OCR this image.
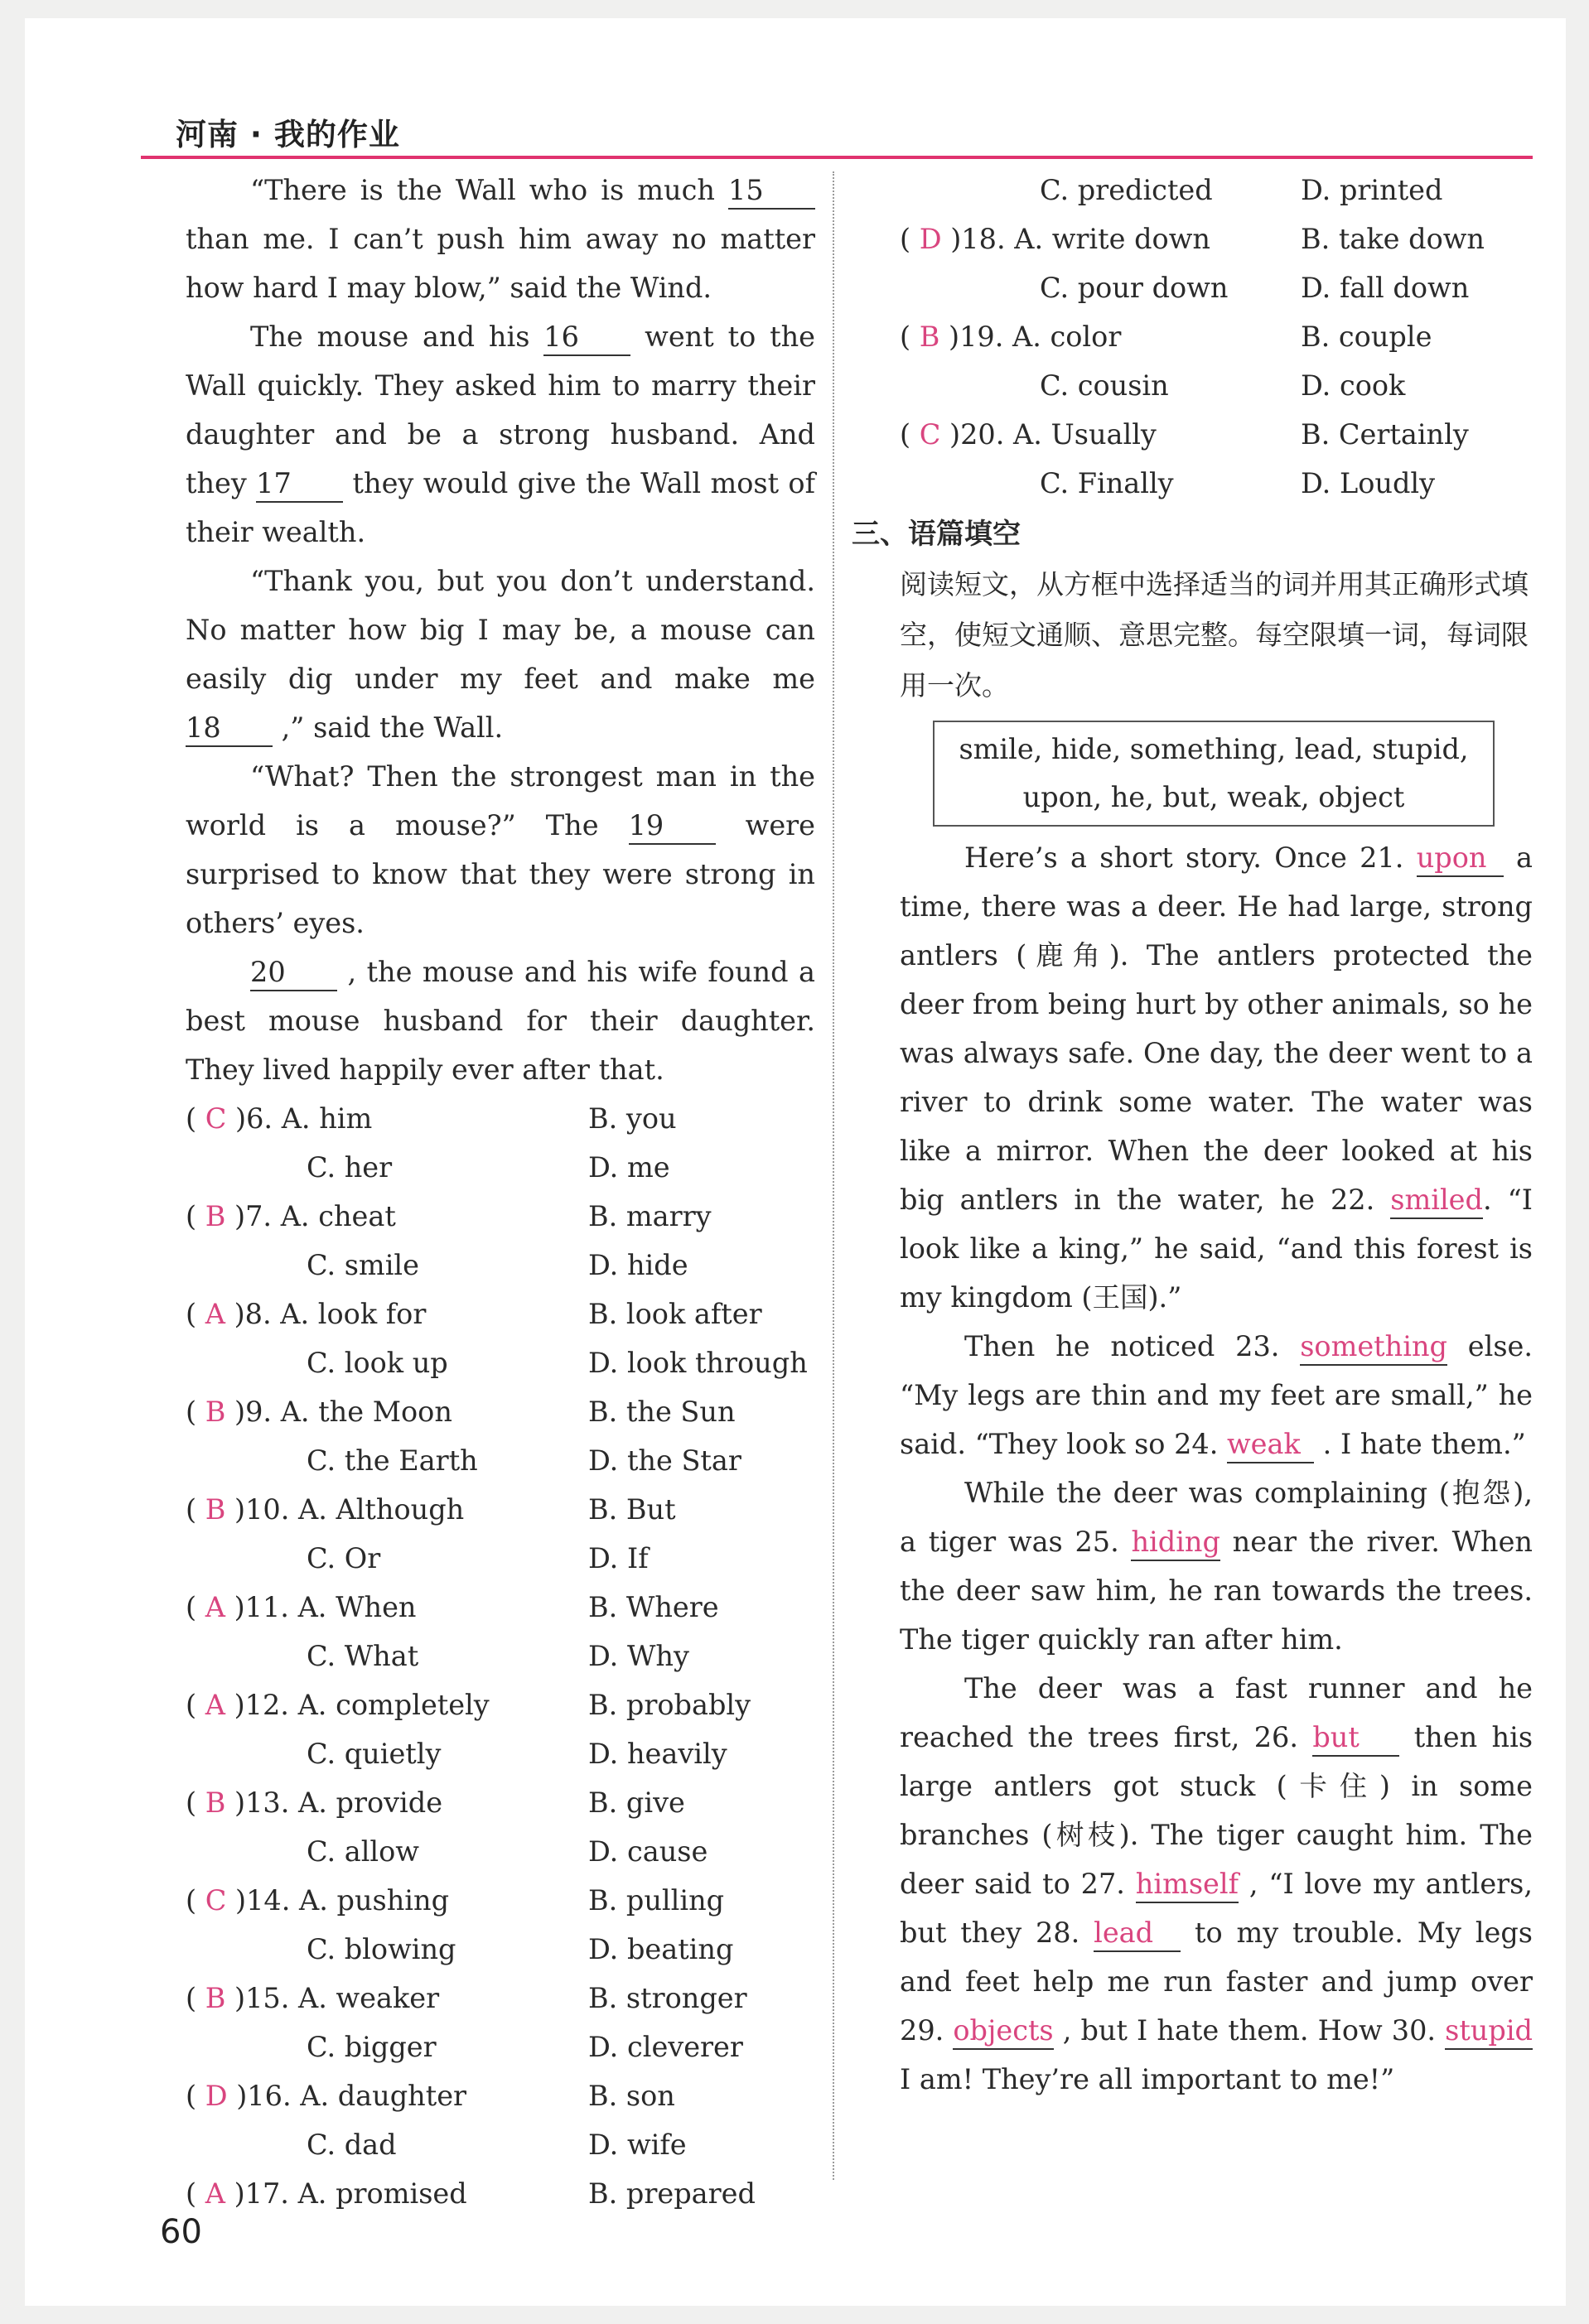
河南 · 我的作业

“There is the Wall who is much 15 than me. I can’t push him away no matter how hard I may blow,” said the Wind.

The mouse and his 16 went to the Wall quickly. They asked him to marry their daughter and be a strong husband. And they 17 they would give the Wall most of their wealth.

“Thank you, but you don’t understand. No matter how big I may be, a mouse can easily dig under my feet and make me 18 ,” said the Wall.

“What? Then the strongest man in the world is a mouse?” The 19 were surprised to know that they were strong in others’ eyes.

20 , the mouse and his wife found a best mouse husband for their daughter. They lived happily ever after that.

( C )6. A. him	B. you
C. her	D. me
( B )7. A. cheat	B. marry
C. smile	D. hide
( A )8. A. look for	B. look after
C. look up	D. look through
( B )9. A. the Moon	B. the Sun
C. the Earth	D. the Star
( B )10. A. Although	B. But
C. Or	D. If
( A )11. A. When	B. Where
C. What	D. Why
( A )12. A. completely	B. probably
C. quietly	D. heavily
( B )13. A. provide	B. give
C. allow	D. cause
( C )14. A. pushing	B. pulling
C. blowing	D. beating
( B )15. A. weaker	B. stronger
C. bigger	D. cleverer
( D )16. A. daughter	B. son
C. dad	D. wife
( A )17. A. promised	B. prepared
C. predicted	D. printed
( D )18. A. write down	B. take down
C. pour down	D. fall down
( B )19. A. color	B. couple
C. cousin	D. cook
( C )20. A. Usually	B. Certainly
C. Finally	D. Loudly
三、语篇填空

阅读短文，从方框中选择适当的词并用其正确形式填空，使短文通顺、意思完整。每空限填一词，每词限用一次。

smile, hide, something, lead, stupid,
upon, he, but, weak, object

Here’s a short story. Once 21. upon a time, there was a deer. He had large, strong antlers (鹿角). The antlers protected the deer from being hurt by other animals, so he was always safe. One day, the deer went to a river to drink some water. The water was like a mirror. When the deer looked at his big antlers in the water, he 22. smiled. “I look like a king,” he said, “and this forest is my kingdom (王国).”

Then he noticed 23. something else. “My legs are thin and my feet are small,” he said. “They look so 24. weak . I hate them.”

While the deer was complaining (抱怨), a tiger was 25. hiding near the river. When the deer saw him, he ran towards the trees. The tiger quickly ran after him.

The deer was a fast runner and he reached the trees first, 26. but then his large antlers got stuck (卡住) in some branches (树枝). The tiger caught him. The deer said to 27. himself , “I love my antlers, but they 28. lead to my trouble. My legs and feet help me run faster and jump over 29. objects , but I hate them. How 30. stupid I am! They’re all important to me!”

60
